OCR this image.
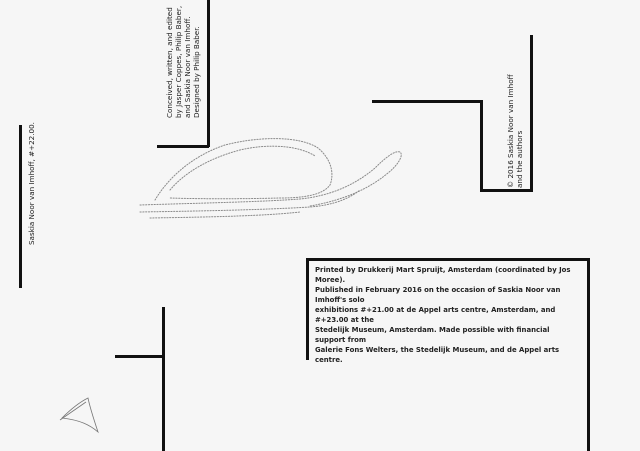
Conceived, written, and edited by Jasper Coppes, Philip Baber, and Saskia Noor van Imhoff. Designed by Philip Baber.
Saskia Noor van Imhoff, #+22.00.	© 2016 Saskia Noor van Imhoff and the authors
Printed by Drukkerij Mart Spruijt, Amsterdam (coordinated by Jos Moree).
Published in February 2016 on the occasion of Saskia Noor van Imhoff's solo
exhibitions #+21.00 at de Appel arts centre, Amsterdam, and #+23.00 at the
Stedelijk Museum, Amsterdam. Made possible with financial support from
Galerie Fons Welters, the Stedelijk Museum, and de Appel arts centre.
